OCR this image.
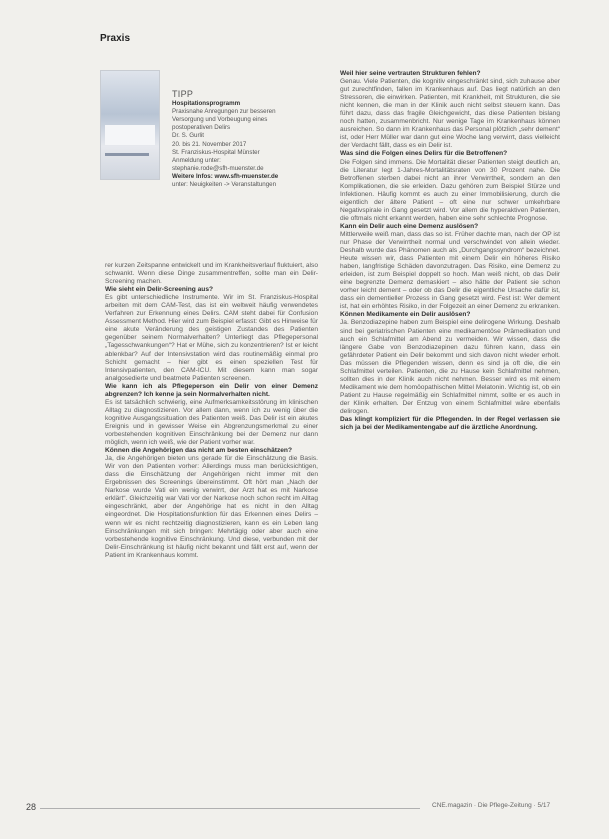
Praxis
TIPP
Hospitationsprogramm
Praxisnahe Anregungen zur besseren
Versorgung und Vorbeugung eines
postoperativen Delirs
Dr. S. Gurlit
20. bis 21. November 2017
St. Franziskus-Hospital Münster
Anmeldung unter:
stephanie.rode@sfh-muenster.de
Weitere Infos: www.sfh-muenster.de
unter: Neuigkeiten -> Veranstaltungen

rer kurzen Zeitspanne entwickelt und im Krankheitsverlauf fluktuiert, also schwankt. Wenn diese Dinge zusammentreffen, sollte man ein Delir-Screening machen.

Wie sieht ein Delir-Screening aus?

Es gibt unterschiedliche Instrumente. Wir im St. Franziskus-Hospital arbeiten mit dem CAM-Test, das ist ein weltweit häufig verwendetes Verfahren zur Erkennung eines Delirs. CAM steht dabei für Confusion Assessment Method. Hier wird zum Beispiel erfasst: Gibt es Hinweise für eine akute Veränderung des geistigen Zustandes des Patienten gegenüber seinem Normalverhalten? Unterliegt das Pflegepersonal „Tagesschwankungen“? Hat er Mühe, sich zu konzentrieren? Ist er leicht ablenkbar? Auf der Intensivstation wird das routinemäßig einmal pro Schicht gemacht – hier gibt es einen speziellen Test für Intensivpatienten, den CAM-ICU. Mit diesem kann man sogar analgosedierte und beatmete Patienten screenen.

Wie kann ich als Pflegeperson ein Delir von einer Demenz abgrenzen? Ich kenne ja sein Normalverhalten nicht.

Es ist tatsächlich schwierig, eine Aufmerksamkeitsstörung im klinischen Alltag zu diagnostizieren. Vor allem dann, wenn ich zu wenig über die kognitive Ausgangssituation des Patienten weiß. Das Delir ist ein akutes Ereignis und in gewisser Weise ein Abgrenzungsmerkmal zu einer vorbestehenden kognitiven Einschränkung bei der Demenz nur dann möglich, wenn ich weiß, wie der Patient vorher war.

Können die Angehörigen das nicht am besten einschätzen?

Ja, die Angehörigen bieten uns gerade für die Einschätzung die Basis. Wir von den Patienten vorher: Allerdings muss man berücksichtigen, dass die Einschätzung der Angehörigen nicht immer mit den Ergebnissen des Screenings übereinstimmt. Oft hört man „Nach der Narkose wurde Vati ein wenig verwirrt, der Arzt hat es mit Narkose erklärt“. Gleichzeitig war Vati vor der Narkose noch schon recht im Alltag eingeschränkt, aber der Angehörige hat es nicht in den Alltag eingeordnet. Die Hospitationsfunktion für das Erkennen eines Delirs – wenn wir es nicht rechtzeitig diagnostizieren, kann es ein Leben lang Einschränkungen mit sich bringen: Mehrtägig oder aber auch eine vorbestehende kognitive Einschränkung. Und diese, verbunden mit der Delir-Einschränkung ist häufig nicht bekannt und fällt erst auf, wenn der Patient im Krankenhaus kommt.

Weil hier seine vertrauten Strukturen fehlen?

Genau. Viele Patienten, die kognitiv eingeschränkt sind, sich zuhause aber gut zurechtfinden, fallen im Krankenhaus auf. Das liegt natürlich an den Stressoren, die einwirken. Patienten, mit Krankheit, mit Strukturen, die sie nicht kennen, die man in der Klinik auch nicht selbst steuern kann. Das führt dazu, dass das fragile Gleichgewicht, das diese Patienten bislang noch hatten, zusammenbricht. Nur wenige Tage im Krankenhaus können ausreichen. So dann im Krankenhaus das Personal plötzlich „sehr dement“ ist, oder Herr Müller war dann gut eine Woche lang verwirrt, dass vielleicht der Verdacht fällt, dass es ein Delir ist.

Was sind die Folgen eines Delirs für die Betroffenen?

Die Folgen sind immens. Die Mortalität dieser Patienten steigt deutlich an, die Literatur legt 1-Jahres-Mortalitätsraten von 30 Prozent nahe. Die Betroffenen sterben dabei nicht an ihrer Verwirrtheit, sondern an den Komplikationen, die sie erleiden. Dazu gehören zum Beispiel Stürze und Infektionen. Häufig kommt es auch zu einer Immobilisierung, durch die eigentlich der ältere Patient – oft eine nur schwer umkehrbare Negativspirale in Gang gesetzt wird. Vor allem die hyperaktiven Patienten, die oftmals nicht erkannt werden, haben eine sehr schlechte Prognose.

Kann ein Delir auch eine Demenz auslösen?

Mittlerweile weiß man, dass das so ist. Früher dachte man, nach der OP ist nur Phase der Verwirrtheit normal und verschwindet von allein wieder. Deshalb wurde das Phänomen auch als „Durchgangssyndrom“ bezeichnet. Heute wissen wir, dass Patienten mit einem Delir ein höheres Risiko haben, langfristige Schäden davonzutragen. Das Risiko, eine Demenz zu erleiden, ist zum Beispiel doppelt so hoch. Man weiß nicht, ob das Delir eine begrenzte Demenz demaskiert – also hätte der Patient sie schon vorher leicht dement – oder ob das Delir die eigentliche Ursache dafür ist, dass ein dementieller Prozess in Gang gesetzt wird. Fest ist: Wer dement ist, hat ein erhöhtes Risiko, in der Folgezeit an einer Demenz zu erkranken.

Können Medikamente ein Delir auslösen?

Ja. Benzodiazepine haben zum Beispiel eine delirogene Wirkung. Deshalb sind bei geriatrischen Patienten eine medikamentöse Prämedikation und auch ein Schlafmittel am Abend zu vermeiden. Wir wissen, dass die längere Gabe von Benzodiazepinen dazu führen kann, dass ein gefährdeter Patient ein Delir bekommt und sich davon nicht wieder erholt. Das müssen die Pflegenden wissen, denn es sind ja oft die, die ein Schlafmittel verteilen. Patienten, die zu Hause kein Schlafmittel nehmen, sollten dies in der Klinik auch nicht nehmen. Besser wird es mit einem Medikament wie dem homöopathischen Mittel Melatonin. Wichtig ist, ob ein Patient zu Hause regelmäßig ein Schlafmittel nimmt, sollte er es auch in der Klinik erhalten. Der Entzug von einem Schlafmittel wäre ebenfalls delirogen.

Das klingt kompliziert für die Pflegenden. In der Regel verlassen sie sich ja bei der Medikamentengabe auf die ärztliche Anordnung.

28	CNE.magazin · Die Pflege-Zeitung · 5/17
